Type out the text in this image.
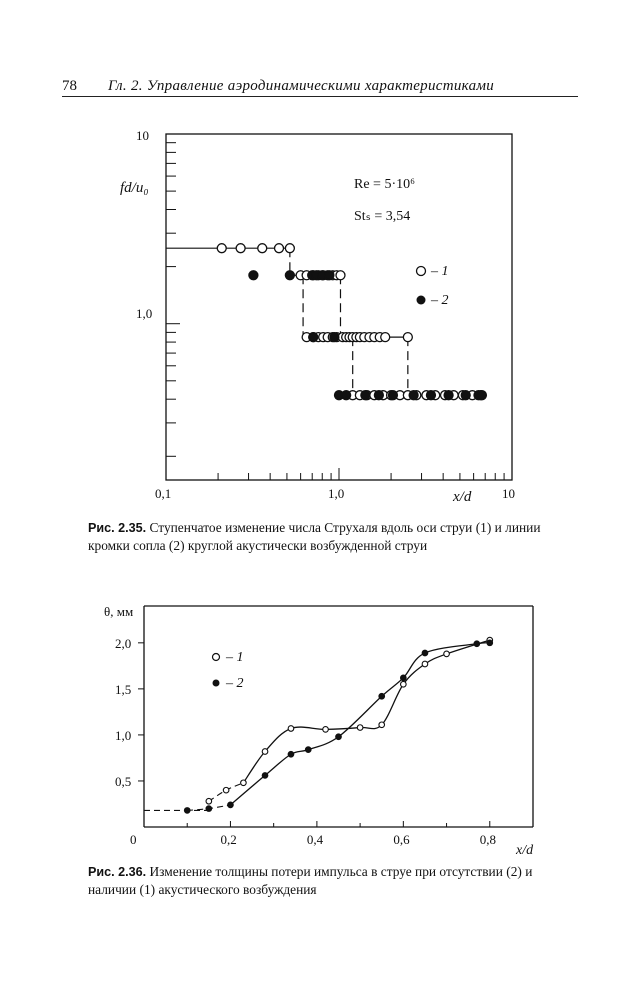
78 Гл. 2. Управление аэродинамическими характеристиками
fd/u₀
x/d
10
1,0
0,1	1,0	10
Re = 5·10⁶
Stₛ = 3,54
– 1
– 2
Рис. 2.35. Ступенчатое изменение числа Струхаля вдоль оси струи (1) и линии кромки сопла (2) круглой акустически возбужденной струи
θ, мм
x/d
0	0,2	0,4	0,6	0,8
0,5
1,0
1,5
2,0
– 1
– 2
Рис. 2.36. Изменение толщины потери импульса в струе при отсутствии (2) и наличии (1) акустического возбуждения
